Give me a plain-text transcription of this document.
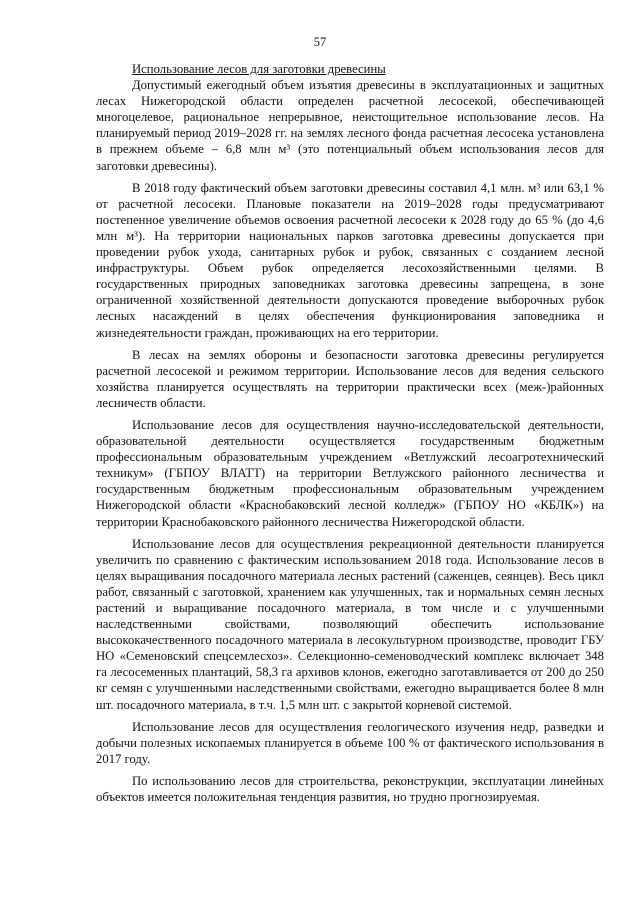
57

Использование лесов для заготовки древесины

Допустимый ежегодный объем изъятия древесины в эксплуатационных и защитных лесах Нижегородской области определен расчетной лесосекой, обеспечивающей многоцелевое, рациональное непрерывное, неистощительное использование лесов. На планируемый период 2019–2028 гг. на землях лесного фонда расчетная лесосека установлена в прежнем объеме – 6,8 млн м³ (это потенциальный объем использования лесов для заготовки древесины).

В 2018 году фактический объем заготовки древесины составил 4,1 млн. м³ или 63,1 % от расчетной лесосеки. Плановые показатели на 2019–2028 годы предусматривают постепенное увеличение объемов освоения расчетной лесосеки к 2028 году до 65 % (до 4,6 млн м³). На территории национальных парков заготовка древесины допускается при проведении рубок ухода, санитарных рубок и рубок, связанных с созданием лесной инфраструктуры. Объем рубок определяется лесохозяйственными целями. В государственных природных заповедниках заготовка древесины запрещена, в зоне ограниченной хозяйственной деятельности допускаются проведение выборочных рубок лесных насаждений в целях обеспечения функционирования заповедника и жизнедеятельности граждан, проживающих на его территории.

В лесах на землях обороны и безопасности заготовка древесины регулируется расчетной лесосекой и режимом территории. Использование лесов для ведения сельского хозяйства планируется осуществлять на территории практически всех (меж-)районных лесничеств области.

Использование лесов для осуществления научно-исследовательской деятельности, образовательной деятельности осуществляется государственным бюджетным профессиональным образовательным учреждением «Ветлужский лесоагротехнический техникум» (ГБПОУ ВЛАТТ) на территории Ветлужского районного лесничества и государственным бюджетным профессиональным образовательным учреждением Нижегородской области «Краснобаковский лесной колледж» (ГБПОУ НО «КБЛК») на территории Краснобаковского районного лесничества Нижегородской области.

Использование лесов для осуществления рекреационной деятельности планируется увеличить по сравнению с фактическим использованием 2018 года. Использование лесов в целях выращивания посадочного материала лесных растений (саженцев, сеянцев). Весь цикл работ, связанный с заготовкой, хранением как улучшенных, так и нормальных семян лесных растений и выращивание посадочного материала, в том числе и с улучшенными наследственными свойствами, позволяющий обеспечить использование высококачественного посадочного материала в лесокультурном производстве, проводит ГБУ НО «Семеновский спецсемлесхоз». Селекционно-семеноводческий комплекс включает 348 га лесосеменных плантаций, 58,3 га архивов клонов, ежегодно заготавливается от 200 до 250 кг семян с улучшенными наследственными свойствами, ежегодно выращивается более 8 млн шт. посадочного материала, в т.ч. 1,5 млн шт. с закрытой корневой системой.

Использование лесов для осуществления геологического изучения недр, разведки и добычи полезных ископаемых планируется в объеме 100 % от фактического использования в 2017 году.

По использованию лесов для строительства, реконструкции, эксплуатации линейных объектов имеется положительная тенденция развития, но трудно прогнозируемая.
